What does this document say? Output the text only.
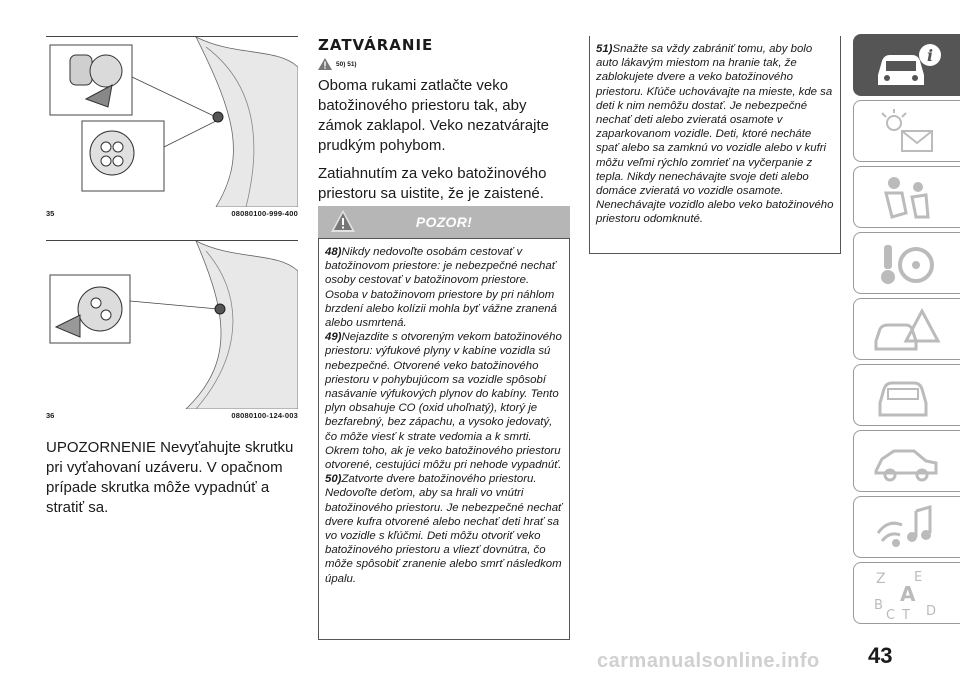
35	08080100-999-400
36	08080100-124-003

UPOZORNENIE Nevyťahujte skrutku pri vyťahovaní uzáveru. V opačnom prípade skrutka môže vypadnúť a stratiť sa.

ZATVÁRANIE
50) 51)

Oboma rukami zatlačte veko batožinového priestoru tak, aby zámok zaklapol. Veko nezatvárajte prudkým pohybom.

Zatiahnutím za veko batožinového priestoru sa uistite, že je zaistené.

POZOR!

48)Nikdy nedovoľte osobám cestovať v batožinovom priestore: je nebezpečné nechať osoby cestovať v batožinovom priestore. Osoba v batožinovom priestore by pri náhlom brzdení alebo kolízii mohla byť vážne zranená alebo usmrtená.

49)Nejazdite s otvoreným vekom batožinového priestoru: výfukové plyny v kabíne vozidla sú nebezpečné. Otvorené veko batožinového priestoru v pohybujúcom sa vozidle spôsobí nasávanie výfukových plynov do kabíny. Tento plyn obsahuje CO (oxid uhoľnatý), ktorý je bezfarebný, bez zápachu, a vysoko jedovatý, čo môže viesť k strate vedomia a k smrti. Okrem toho, ak je veko batožinového priestoru otvorené, cestujúci môžu pri nehode vypadnúť.

50)Zatvorte dvere batožinového priestoru. Nedovoľte deťom, aby sa hrali vo vnútri batožinového priestoru. Je nebezpečné nechať dvere kufra otvorené alebo nechať deti hrať sa vo vozidle s kľúčmi. Deti môžu otvoriť veko batožinového priestoru a vliezť dovnútra, čo môže spôsobiť zranenie alebo smrť následkom úpalu.

51)Snažte sa vždy zabrániť tomu, aby bolo auto lákavým miestom na hranie tak, že zablokujete dvere a veko batožinového priestoru. Kľúče uchovávajte na mieste, kde sa deti k nim nemôžu dostať. Je nebezpečné nechať deti alebo zvieratá osamote v zaparkovanom vozidle. Deti, ktoré necháte spať alebo sa zamknú vo vozidle alebo v kufri môžu veľmi rýchlo zomrieť na vyčerpanie z tepla. Nikdy nenechávajte svoje deti alebo domáce zvieratá vo vozidle osamote. Nenechávajte vozidlo alebo veko batožinového priestoru odomknuté.

i
Z E
A
B
C T D
43
carmanualsonline.info
